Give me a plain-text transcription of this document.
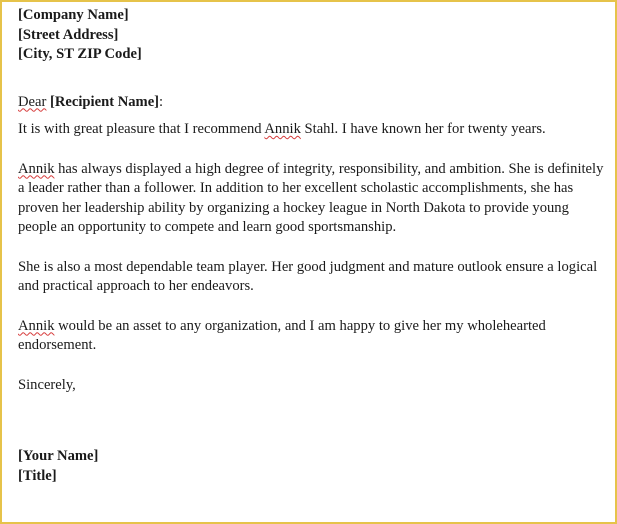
[Company Name]

[Street Address]

[City, ST ZIP Code]

Dear [Recipient Name]:

It is with great pleasure that I recommend Annik Stahl. I have known her for twenty years.

Annik has always displayed a high degree of integrity, responsibility, and ambition. She is definitely a leader rather than a follower. In addition to her excellent scholastic accomplishments, she has proven her leadership ability by organizing a hockey league in North Dakota to provide young people an opportunity to compete and learn good sportsmanship.

She is also a most dependable team player. Her good judgment and mature outlook ensure a logical and practical approach to her endeavors.

Annik would be an asset to any organization, and I am happy to give her my wholehearted endorsement.

Sincerely,

[Your Name]

[Title]
